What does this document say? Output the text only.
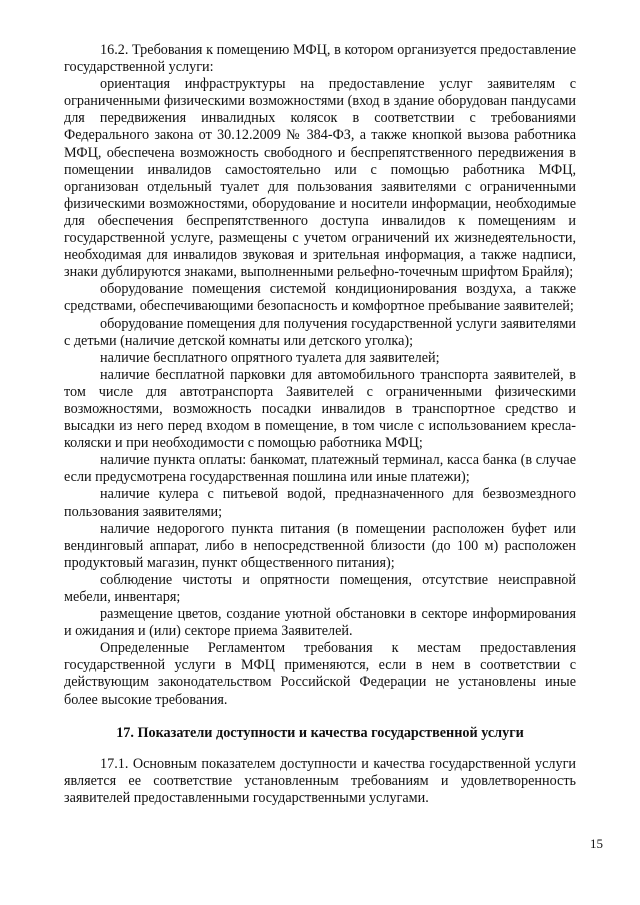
16.2. Требования к помещению МФЦ, в котором организуется предоставление государственной услуги:

ориентация инфраструктуры на предоставление услуг заявителям с ограниченными физическими возможностями (вход в здание оборудован пандусами для передвижения инвалидных колясок в соответствии с требованиями Федерального закона от 30.12.2009 № 384-ФЗ, а также кнопкой вызова работника МФЦ, обеспечена возможность свободного и беспрепятственного передвижения в помещении инвалидов самостоятельно или с помощью работника МФЦ, организован отдельный туалет для пользования заявителями с ограниченными физическими возможностями, оборудование и носители информации, необходимые для обеспечения беспрепятственного доступа инвалидов к помещениям и государственной услуге, размещены с учетом ограничений их жизнедеятельности, необходимая для инвалидов звуковая и зрительная информация, а также надписи, знаки дублируются знаками, выполненными рельефно-точечным шрифтом Брайля);

оборудование помещения системой кондиционирования воздуха, а также средствами, обеспечивающими безопасность и комфортное пребывание заявителей;

оборудование помещения для получения государственной услуги заявителями с детьми (наличие детской комнаты или детского уголка);

наличие бесплатного опрятного туалета для заявителей;

наличие бесплатной парковки для автомобильного транспорта заявителей, в том числе для автотранспорта Заявителей с ограниченными физическими возможностями, возможность посадки инвалидов в транспортное средство и высадки из него перед входом в помещение, в том числе с использованием кресла-коляски и при необходимости с помощью работника МФЦ;

наличие пункта оплаты: банкомат, платежный терминал, касса банка (в случае если предусмотрена государственная пошлина или иные платежи);

наличие кулера с питьевой водой, предназначенного для безвозмездного пользования заявителями;

наличие недорогого пункта питания (в помещении расположен буфет или вендинговый аппарат, либо в непосредственной близости (до 100 м) расположен продуктовый магазин, пункт общественного питания);

соблюдение чистоты и опрятности помещения, отсутствие неисправной мебели, инвентаря;

размещение цветов, создание уютной обстановки в секторе информирования и ожидания и (или) секторе приема Заявителей.

Определенные Регламентом требования к местам предоставления государственной услуги в МФЦ применяются, если в нем в соответствии с действующим законодательством Российской Федерации не установлены иные более высокие требования.

17. Показатели доступности и качества государственной услуги

17.1. Основным показателем доступности и качества государственной услуги является ее соответствие установленным требованиям и удовлетворенность заявителей предоставленными государственными услугами.

15
